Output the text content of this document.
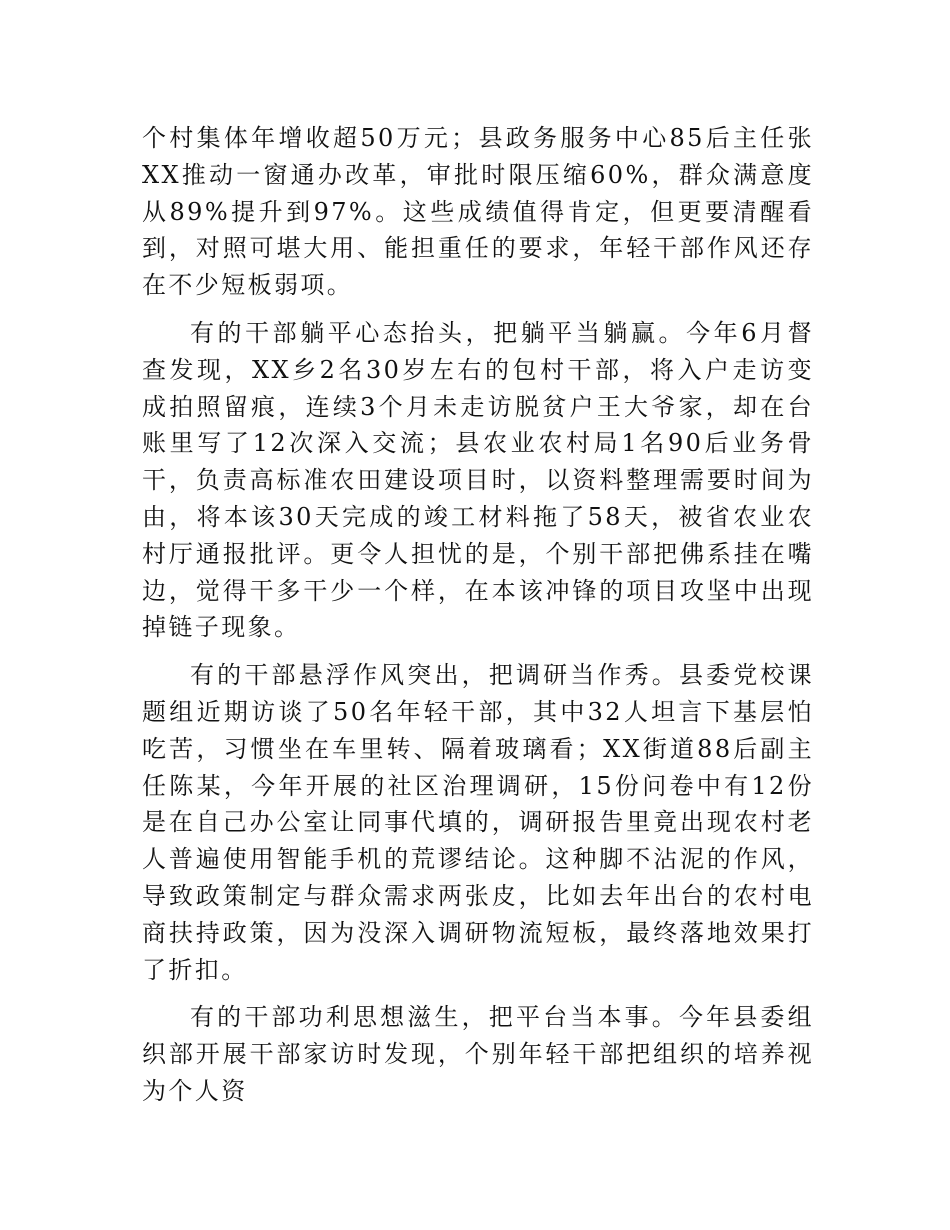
个村集体年增收超50万元；县政务服务中心85后主任张XX推动一窗通办改革，审批时限压缩60%，群众满意度从89%提升到97%。这些成绩值得肯定，但更要清醒看到，对照可堪大用、能担重任的要求，年轻干部作风还存在不少短板弱项。

有的干部躺平心态抬头，把躺平当躺赢。今年6月督查发现，XX乡2名30岁左右的包村干部，将入户走访变成拍照留痕，连续3个月未走访脱贫户王大爷家，却在台账里写了12次深入交流；县农业农村局1名90后业务骨干，负责高标准农田建设项目时，以资料整理需要时间为由，将本该30天完成的竣工材料拖了58天，被省农业农村厅通报批评。更令人担忧的是，个别干部把佛系挂在嘴边，觉得干多干少一个样，在本该冲锋的项目攻坚中出现掉链子现象。

有的干部悬浮作风突出，把调研当作秀。县委党校课题组近期访谈了50名年轻干部，其中32人坦言下基层怕吃苦，习惯坐在车里转、隔着玻璃看；XX街道88后副主任陈某，今年开展的社区治理调研，15份问卷中有12份是在自己办公室让同事代填的，调研报告里竟出现农村老人普遍使用智能手机的荒谬结论。这种脚不沾泥的作风，导致政策制定与群众需求两张皮，比如去年出台的农村电商扶持政策，因为没深入调研物流短板，最终落地效果打了折扣。

有的干部功利思想滋生，把平台当本事。今年县委组织部开展干部家访时发现，个别年轻干部把组织的培养视为个人资
